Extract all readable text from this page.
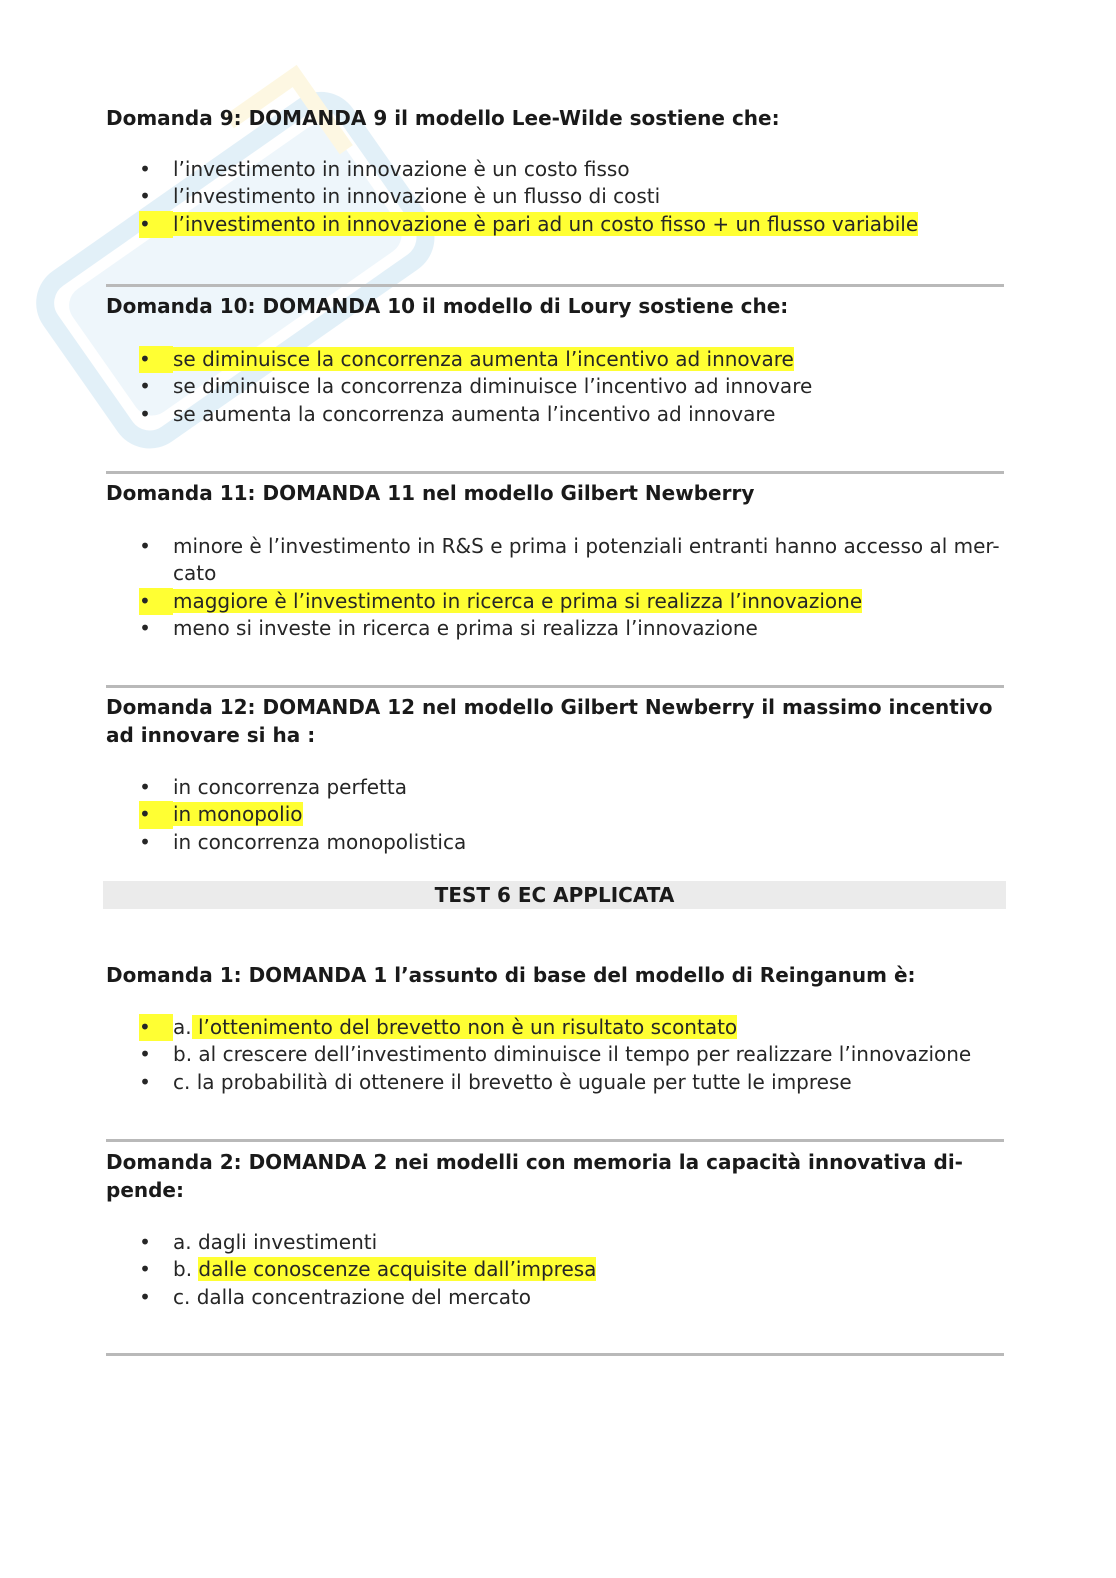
Domanda 9: DOMANDA 9 il modello Lee-Wilde sostiene che:

• l’investimento in innovazione è un costo fisso
• l’investimento in innovazione è un flusso di costi
•	l’investimento in innovazione è pari ad un costo fisso + un flusso variabile

Domanda 10: DOMANDA 10 il modello di Loury sostiene che:

•	se diminuisce la concorrenza aumenta l’incentivo ad innovare
• se diminuisce la concorrenza diminuisce l’incentivo ad innovare
• se aumenta la concorrenza aumenta l’incentivo ad innovare

Domanda 11: DOMANDA 11 nel modello Gilbert Newberry

• minore è l’investimento in R&S e prima i potenziali entranti hanno accesso al mer-
cato
•	maggiore è l’investimento in ricerca e prima si realizza l’innovazione
• meno si investe in ricerca e prima si realizza l’innovazione

Domanda 12: DOMANDA 12 nel modello Gilbert Newberry il massimo incentivo
ad innovare si ha :

• in concorrenza perfetta
•	in monopolio
• in concorrenza monopolistica
TEST 6 EC APPLICATA

Domanda 1: DOMANDA 1 l’assunto di base del modello di Reinganum è:

•	a. l’ottenimento del brevetto non è un risultato scontato
• b. al crescere dell’investimento diminuisce il tempo per realizzare l’innovazione
• c. la probabilità di ottenere il brevetto è uguale per tutte le imprese

Domanda 2: DOMANDA 2 nei modelli con memoria la capacità innovativa di-
pende:

• a. dagli investimenti
• b. dalle conoscenze acquisite dall’impresa
• c. dalla concentrazione del mercato
